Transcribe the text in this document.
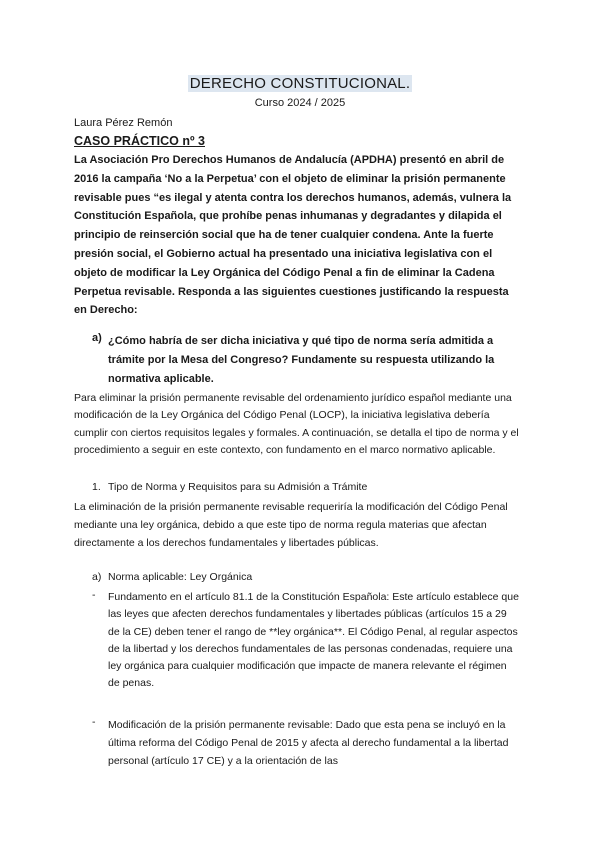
DERECHO CONSTITUCIONAL.
Curso 2024 / 2025
Laura Pérez Remón
CASO PRÁCTICO nº 3
La Asociación Pro Derechos Humanos de Andalucía (APDHA) presentó en abril de 2016 la campaña ‘No a la Perpetua’ con el objeto de eliminar la prisión permanente revisable pues “es ilegal y atenta contra los derechos humanos, además, vulnera la Constitución Española, que prohíbe penas inhumanas y degradantes y dilapida el principio de reinserción social que ha de tener cualquier condena. Ante la fuerte presión social, el Gobierno actual ha presentado una iniciativa legislativa con el objeto de modificar la Ley Orgánica del Código Penal a fin de eliminar la Cadena Perpetua revisable. Responda a las siguientes cuestiones justificando la respuesta en Derecho:
a) ¿Cómo habría de ser dicha iniciativa y qué tipo de norma sería admitida a trámite por la Mesa del Congreso? Fundamente su respuesta utilizando la normativa aplicable.
Para eliminar la prisión permanente revisable del ordenamiento jurídico español mediante una modificación de la Ley Orgánica del Código Penal (LOCP), la iniciativa legislativa debería cumplir con ciertos requisitos legales y formales. A continuación, se detalla el tipo de norma y el procedimiento a seguir en este contexto, con fundamento en el marco normativo aplicable.
1. Tipo de Norma y Requisitos para su Admisión a Trámite
La eliminación de la prisión permanente revisable requeriría la modificación del Código Penal mediante una ley orgánica, debido a que este tipo de norma regula materias que afectan directamente a los derechos fundamentales y libertades públicas.
a) Norma aplicable: Ley Orgánica
- Fundamento en el artículo 81.1 de la Constitución Española: Este artículo establece que las leyes que afecten derechos fundamentales y libertades públicas (artículos 15 a 29 de la CE) deben tener el rango de **ley orgánica**. El Código Penal, al regular aspectos de la libertad y los derechos fundamentales de las personas condenadas, requiere una ley orgánica para cualquier modificación que impacte de manera relevante el régimen de penas.
- Modificación de la prisión permanente revisable: Dado que esta pena se incluyó en la última reforma del Código Penal de 2015 y afecta al derecho fundamental a la libertad personal (artículo 17 CE) y a la orientación de las
